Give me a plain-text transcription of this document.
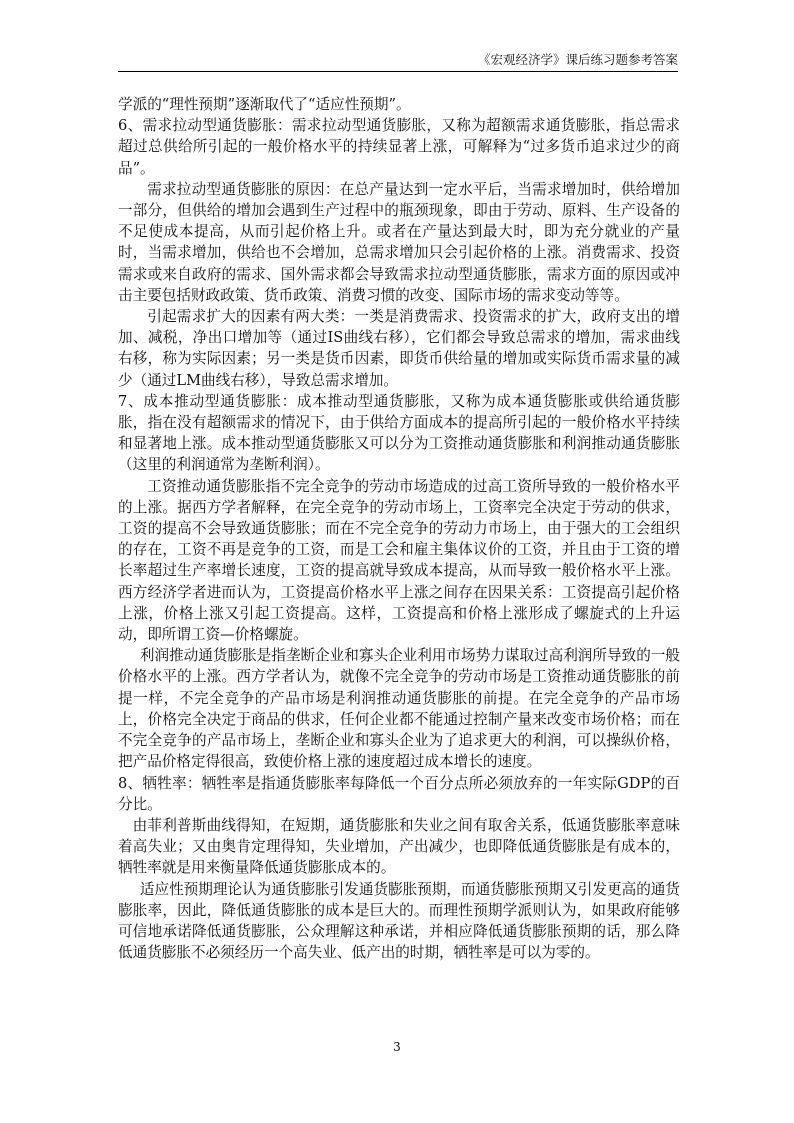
《宏观经济学》课后练习题参考答案

学派的“理性预期”逐渐取代了“适应性预期”。

6、需求拉动型通货膨胀：需求拉动型通货膨胀，又称为超额需求通货膨胀，指总需求超过总供给所引起的一般价格水平的持续显著上涨，可解释为“过多货币追求过少的商品”。

需求拉动型通货膨胀的原因：在总产量达到一定水平后，当需求增加时，供给增加一部分，但供给的增加会遇到生产过程中的瓶颈现象，即由于劳动、原料、生产设备的不足使成本提高，从而引起价格上升。或者在产量达到最大时，即为充分就业的产量时，当需求增加，供给也不会增加，总需求增加只会引起价格的上涨。消费需求、投资需求或来自政府的需求、国外需求都会导致需求拉动型通货膨胀，需求方面的原因或冲击主要包括财政政策、货币政策、消费习惯的改变、国际市场的需求变动等等。

引起需求扩大的因素有两大类：一类是消费需求、投资需求的扩大，政府支出的增加、减税，净出口增加等（通过IS曲线右移），它们都会导致总需求的增加，需求曲线右移，称为实际因素；另一类是货币因素，即货币供给量的增加或实际货币需求量的减少（通过LM曲线右移），导致总需求增加。

7、成本推动型通货膨胀：成本推动型通货膨胀，又称为成本通货膨胀或供给通货膨胀，指在没有超额需求的情况下，由于供给方面成本的提高所引起的一般价格水平持续和显著地上涨。成本推动型通货膨胀又可以分为工资推动通货膨胀和利润推动通货膨胀（这里的利润通常为垄断利润）。

工资推动通货膨胀指不完全竞争的劳动市场造成的过高工资所导致的一般价格水平的上涨。据西方学者解释，在完全竞争的劳动市场上，工资率完全决定于劳动的供求，工资的提高不会导致通货膨胀；而在不完全竞争的劳动力市场上，由于强大的工会组织的存在，工资不再是竞争的工资，而是工会和雇主集体议价的工资，并且由于工资的增长率超过生产率增长速度，工资的提高就导致成本提高，从而导致一般价格水平上涨。西方经济学者进而认为，工资提高价格水平上涨之间存在因果关系：工资提高引起价格上涨，价格上涨又引起工资提高。这样，工资提高和价格上涨形成了螺旋式的上升运动，即所谓工资—价格螺旋。

利润推动通货膨胀是指垄断企业和寡头企业利用市场势力谋取过高利润所导致的一般价格水平的上涨。西方学者认为，就像不完全竞争的劳动市场是工资推动通货膨胀的前提一样，不完全竞争的产品市场是利润推动通货膨胀的前提。在完全竞争的产品市场上，价格完全决定于商品的供求，任何企业都不能通过控制产量来改变市场价格；而在不完全竞争的产品市场上，垄断企业和寡头企业为了追求更大的利润，可以操纵价格，把产品价格定得很高，致使价格上涨的速度超过成本增长的速度。

8、牺牲率：牺牲率是指通货膨胀率每降低一个百分点所必须放弃的一年实际GDP的百分比。

由菲利普斯曲线得知，在短期，通货膨胀和失业之间有取舍关系，低通货膨胀率意味着高失业；又由奥肯定理得知，失业增加，产出减少，也即降低通货膨胀是有成本的，牺牲率就是用来衡量降低通货膨胀成本的。

适应性预期理论认为通货膨胀引发通货膨胀预期，而通货膨胀预期又引发更高的通货膨胀率，因此，降低通货膨胀的成本是巨大的。而理性预期学派则认为，如果政府能够可信地承诺降低通货膨胀，公众理解这种承诺，并相应降低通货膨胀预期的话，那么降低通货膨胀不必须经历一个高失业、低产出的时期，牺牲率是可以为零的。

3
